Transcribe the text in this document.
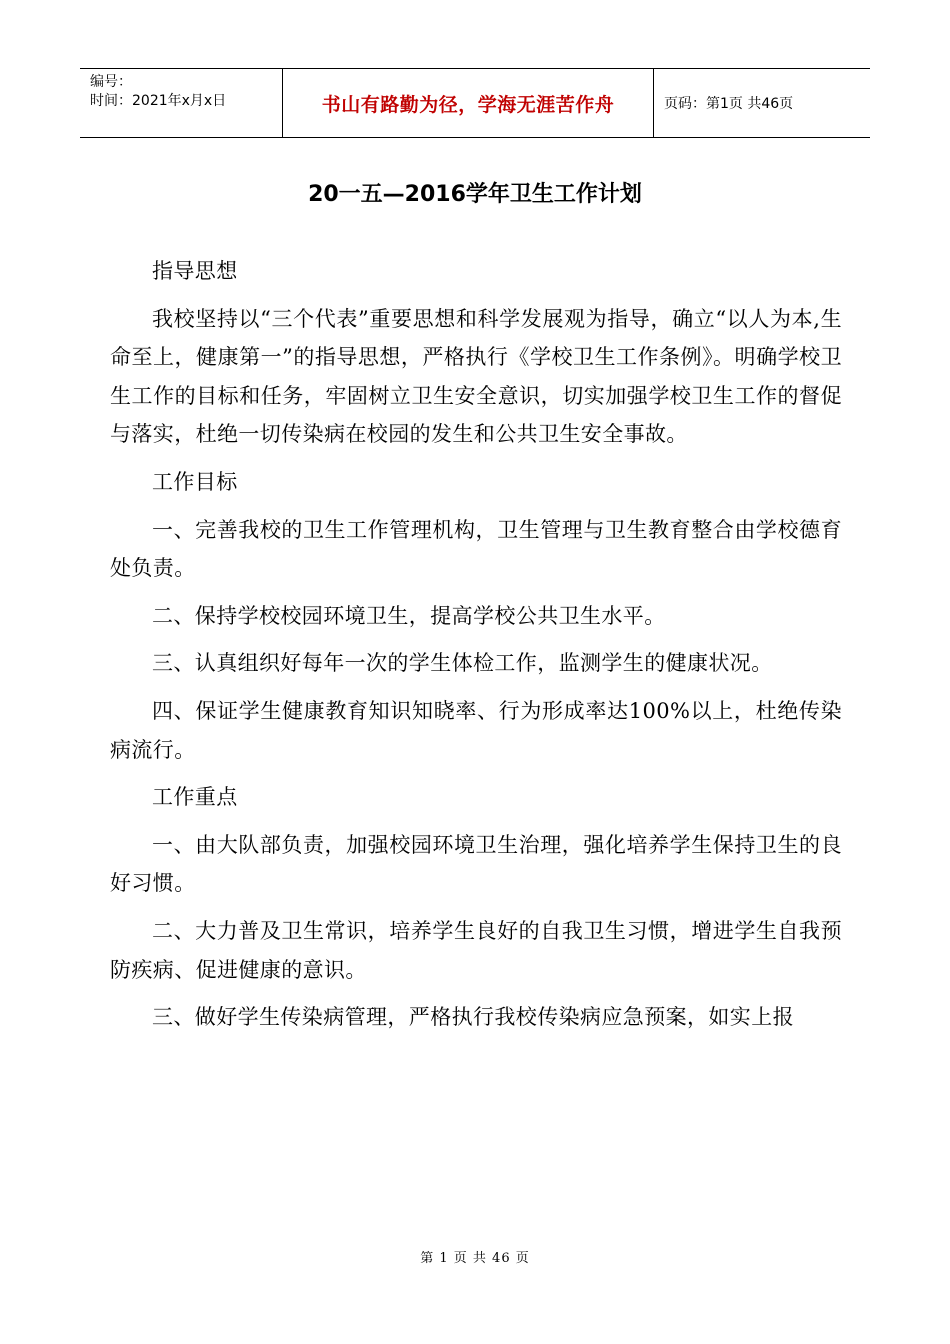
编号：
时间：2021年x月x日	书山有路勤为径，学海无涯苦作舟	页码：第1页 共46页
20一五—2016学年卫生工作计划

指导思想

我校坚持以“三个代表”重要思想和科学发展观为指导，确立“以人为本,生命至上，健康第一”的指导思想，严格执行《学校卫生工作条例》。明确学校卫生工作的目标和任务，牢固树立卫生安全意识，切实加强学校卫生工作的督促与落实，杜绝一切传染病在校园的发生和公共卫生安全事故。

工作目标

一、完善我校的卫生工作管理机构，卫生管理与卫生教育整合由学校德育处负责。

二、保持学校校园环境卫生，提高学校公共卫生水平。

三、认真组织好每年一次的学生体检工作，监测学生的健康状况。

四、保证学生健康教育知识知晓率、行为形成率达100%以上，杜绝传染病流行。

工作重点

一、由大队部负责，加强校园环境卫生治理，强化培养学生保持卫生的良好习惯。

二、大力普及卫生常识，培养学生良好的自我卫生习惯，增进学生自我预防疾病、促进健康的意识。

三、做好学生传染病管理，严格执行我校传染病应急预案，如实上报

第 1 页 共 46 页
